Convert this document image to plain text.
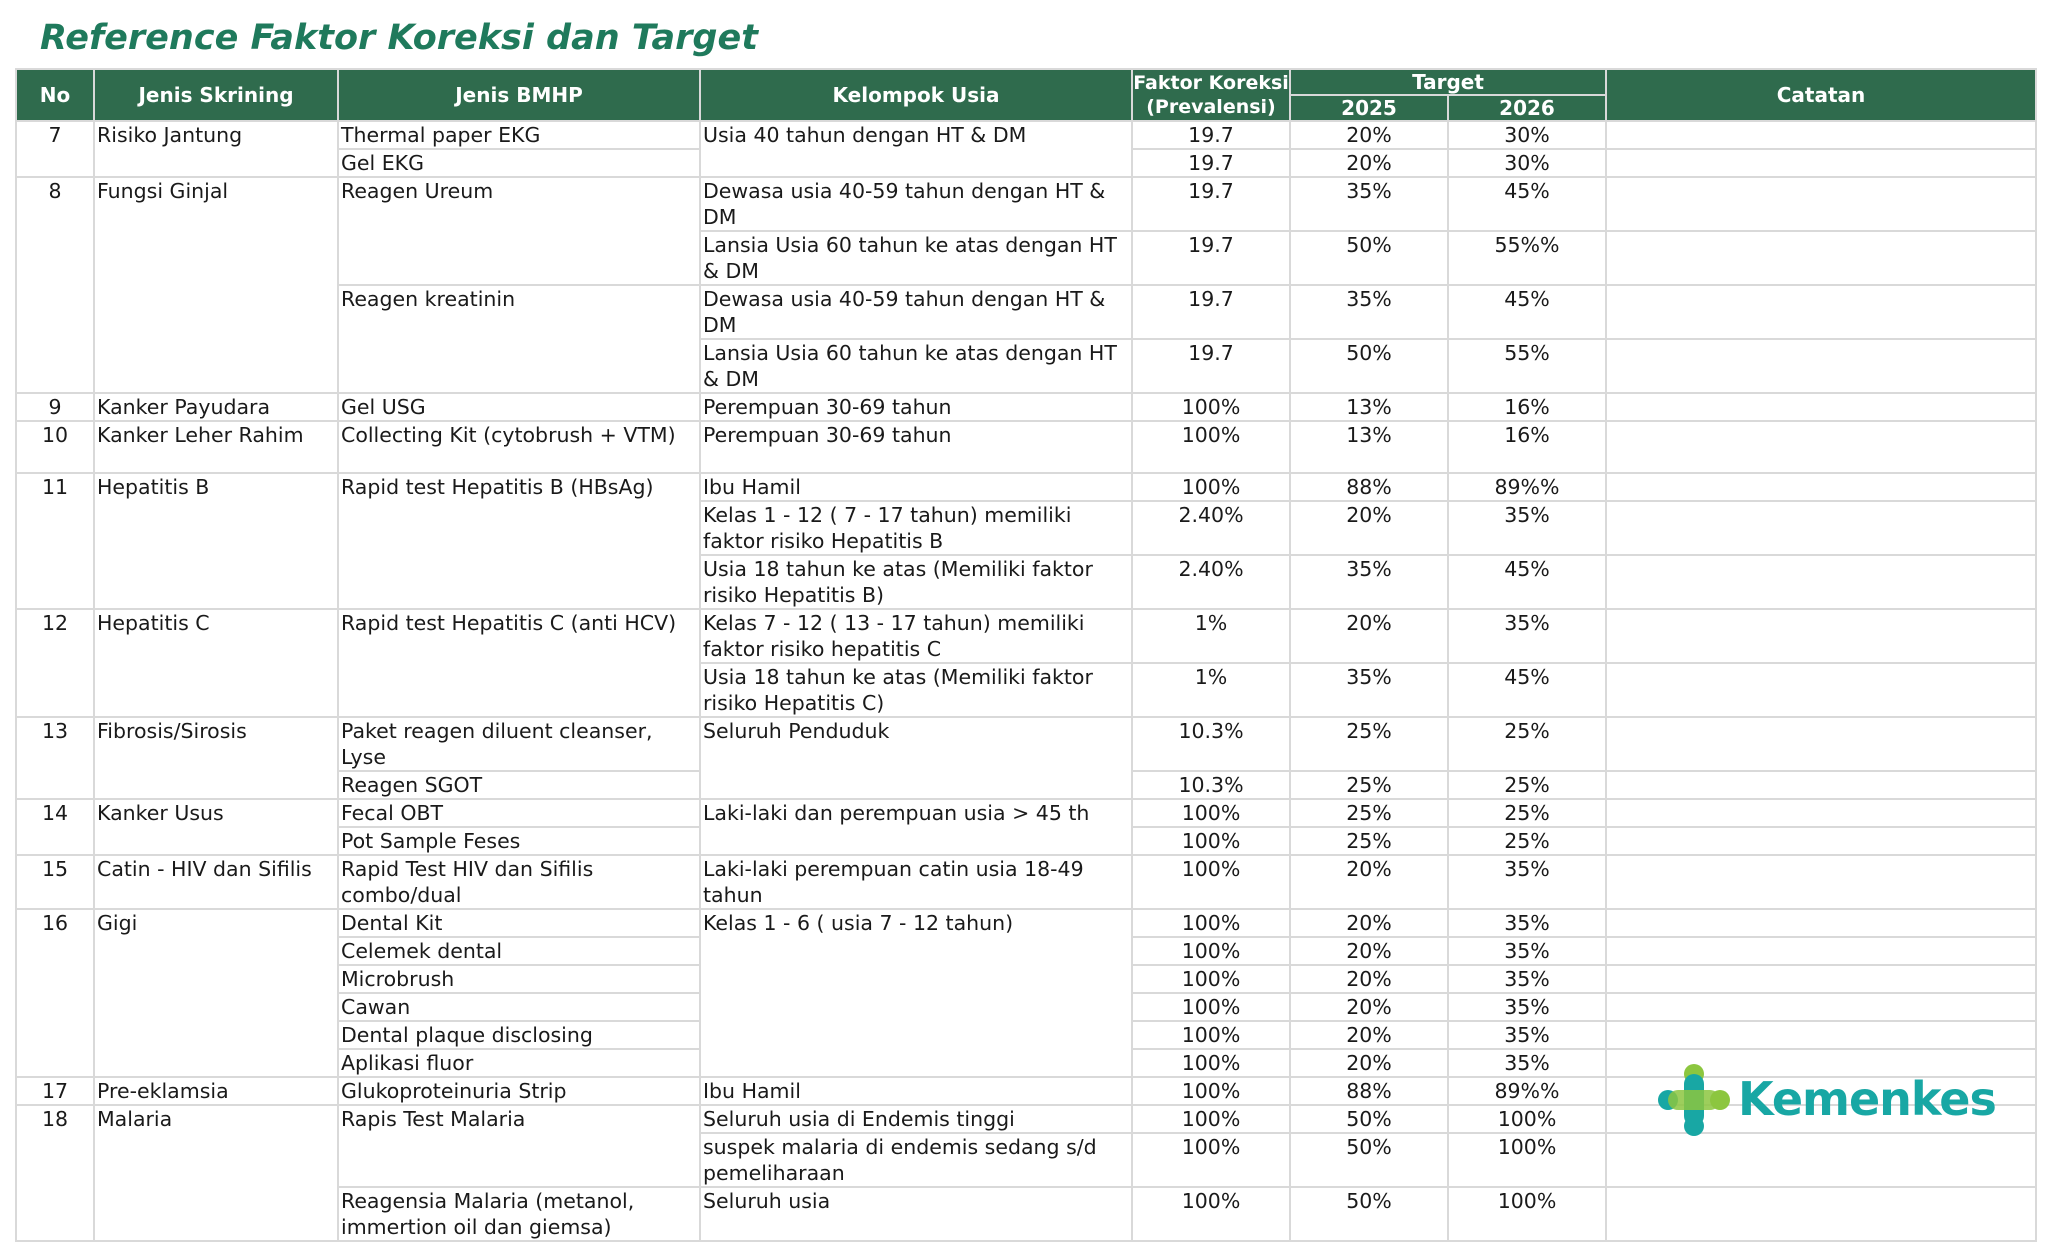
Reference Faktor Koreksi dan Target
No	Jenis Skrining	Jenis BMHP	Kelompok Usia	Faktor Koreksi (Prevalensi)	Target		Catatan
					2025	2026	
7	Risiko Jantung	Thermal paper EKG	Usia 40 tahun dengan HT & DM	19.7	20%	30%	
		Gel EKG		19.7	20%	30%	
8	Fungsi Ginjal	Reagen Ureum	Dewasa usia 40-59 tahun dengan HT & DM	19.7	35%	45%	
			Lansia Usia 60 tahun ke atas dengan HT & DM	19.7	50%	55%%	
		Reagen kreatinin	Dewasa usia 40-59 tahun dengan HT & DM	19.7	35%	45%	
			Lansia Usia 60 tahun ke atas dengan HT & DM	19.7	50%	55%	
9	Kanker Payudara	Gel USG	Perempuan 30-69 tahun	100%	13%	16%	
10	Kanker Leher Rahim	Collecting Kit (cytobrush + VTM)	Perempuan 30-69 tahun	100%	13%	16%	
11	Hepatitis B	Rapid test Hepatitis B (HBsAg)	Ibu Hamil	100%	88%	89%%	
			Kelas 1 - 12 ( 7 - 17 tahun) memiliki faktor risiko Hepatitis B	2.40%	20%	35%	
			Usia 18 tahun ke atas (Memiliki faktor risiko Hepatitis B)	2.40%	35%	45%	
12	Hepatitis C	Rapid test Hepatitis C (anti HCV)	Kelas 7 - 12 ( 13 - 17 tahun) memiliki faktor risiko hepatitis C	1%	20%	35%	
			Usia 18 tahun ke atas (Memiliki faktor risiko Hepatitis C)	1%	35%	45%	
13	Fibrosis/Sirosis	Paket reagen diluent cleanser, Lyse	Seluruh Penduduk	10.3%	25%	25%	
		Reagen SGOT		10.3%	25%	25%	
14	Kanker Usus	Fecal OBT	Laki-laki dan perempuan usia > 45 th	100%	25%	25%	
		Pot Sample Feses		100%	25%	25%	
15	Catin - HIV dan Sifilis	Rapid Test HIV dan Sifilis combo/dual	Laki-laki perempuan catin usia 18-49 tahun	100%	20%	35%	
16	Gigi	Dental Kit	Kelas 1 - 6 ( usia 7 - 12 tahun)	100%	20%	35%	
		Celemek dental		100%	20%	35%	
		Microbrush		100%	20%	35%	
		Cawan		100%	20%	35%	
		Dental plaque disclosing		100%	20%	35%	
		Aplikasi fluor		100%	20%	35%	
17	Pre-eklamsia	Glukoproteinuria Strip	Ibu Hamil	100%	88%	89%%	
18	Malaria	Rapis Test Malaria	Seluruh usia di Endemis tinggi	100%	50%	100%	
			suspek malaria di endemis sedang s/d pemeliharaan	100%	50%	100%	
		Reagensia Malaria (metanol, immertion oil dan giemsa)	Seluruh usia	100%	50%	100%	
Kemenkes
